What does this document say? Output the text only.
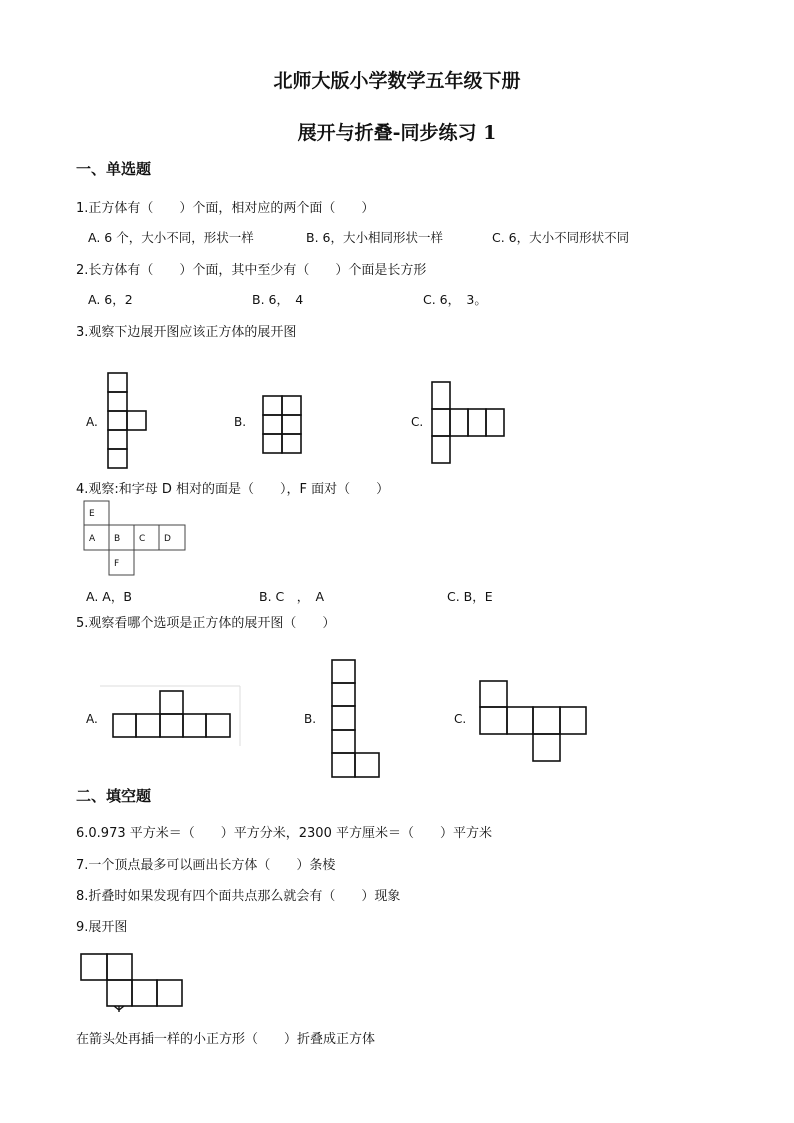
北师大版小学数学五年级下册
展开与折叠-同步练习 1
一、单选题
1.正方体有（　　）个面，相对应的两个面（　　）
A. 6 个，大小不同，形状一样	B. 6，大小相同形状一样	C. 6，大小不同形状不同
2.长方体有（　　）个面，其中至少有（　　）个面是长方形
A. 6，2	B. 6，　4	C. 6，　3。
3.观察下边展开图应该正方体的展开图
A.	B.	C.
4.观察:和字母 D 相对的面是（　　），F 面对（　　）
E
A B C D
F
A. A，B	B. C　，　A	C. B，E
5.观察看哪个选项是正方体的展开图（　　）
A.	B.	C.
二、填空题
6.0.973 平方米＝（　　）平方分米，2300 平方厘米＝（　　）平方米
7.一个顶点最多可以画出长方体（　　）条棱
8.折叠时如果发现有四个面共点那么就会有（　　）现象
9.展开图
在箭头处再插一样的小正方形（　　）折叠成正方体
